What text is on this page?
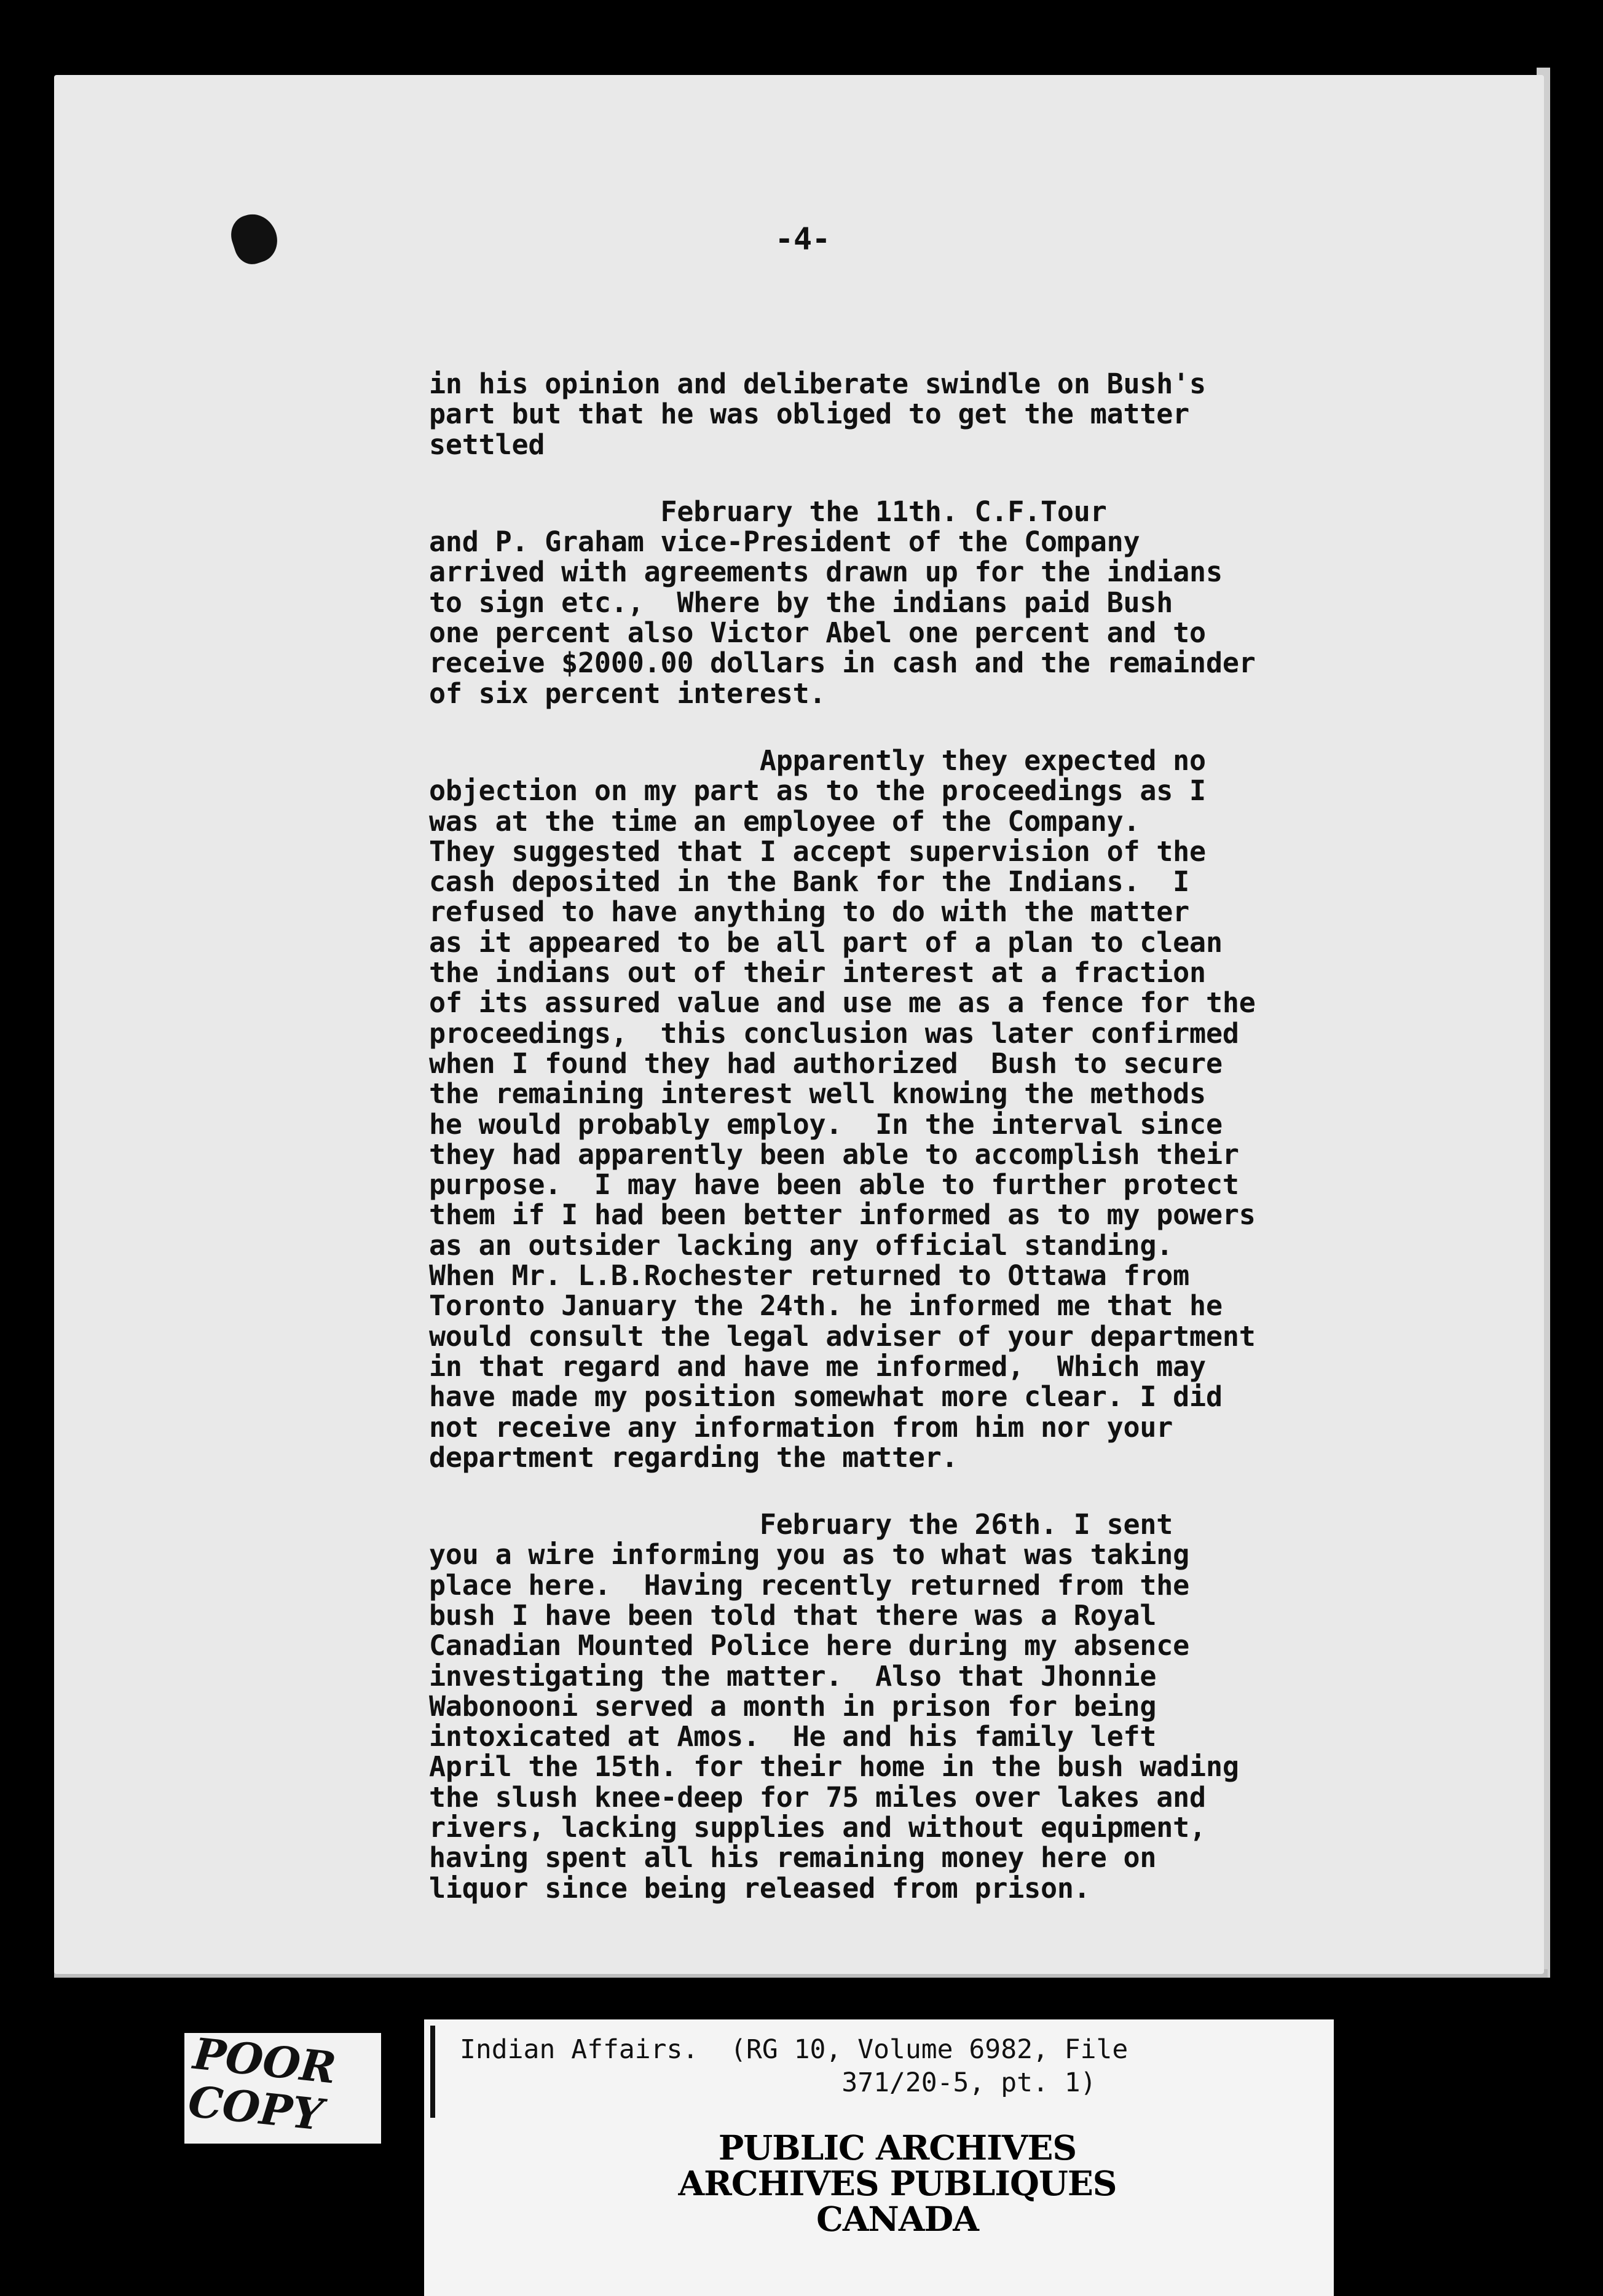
-4-
in his opinion and deliberate swindle on Bush's
part but that he was obliged to get the matter
settled
February the 11th. C.F.Tour
and P. Graham vice-President of the Company
arrived with agreements drawn up for the indians
to sign etc.,  Where by the indians paid Bush
one percent also Victor Abel one percent and to
receive $2000.00 dollars in cash and the remainder
of six percent interest.
Apparently they expected no
objection on my part as to the proceedings as I
was at the time an employee of the Company.
They suggested that I accept supervision of the
cash deposited in the Bank for the Indians.  I
refused to have anything to do with the matter
as it appeared to be all part of a plan to clean
the indians out of their interest at a fraction
of its assured value and use me as a fence for the
proceedings,  this conclusion was later confirmed
when I found they had authorized  Bush to secure
the remaining interest well knowing the methods
he would probably employ.  In the interval since
they had apparently been able to accomplish their
purpose.  I may have been able to further protect
them if I had been better informed as to my powers
as an outsider lacking any official standing.
When Mr. L.B.Rochester returned to Ottawa from
Toronto January the 24th. he informed me that he
would consult the legal adviser of your department
in that regard and have me informed,  Which may
have made my position somewhat more clear. I did
not receive any information from him nor your
department regarding the matter.
February the 26th. I sent
you a wire informing you as to what was taking
place here.  Having recently returned from the
bush I have been told that there was a Royal
Canadian Mounted Police here during my absence
investigating the matter.  Also that Jhonnie
Wabonooni served a month in prison for being
intoxicated at Amos.  He and his family left
April the 15th. for their home in the bush wading
the slush knee-deep for 75 miles over lakes and
rivers, lacking supplies and without equipment,
having spent all his remaining money here on
liquor since being released from prison.
POOR
COPY
Indian Affairs.  (RG 10, Volume 6982, File
371/20-5, pt. 1)
PUBLIC ARCHIVES
ARCHIVES PUBLIQUES
CANADA
